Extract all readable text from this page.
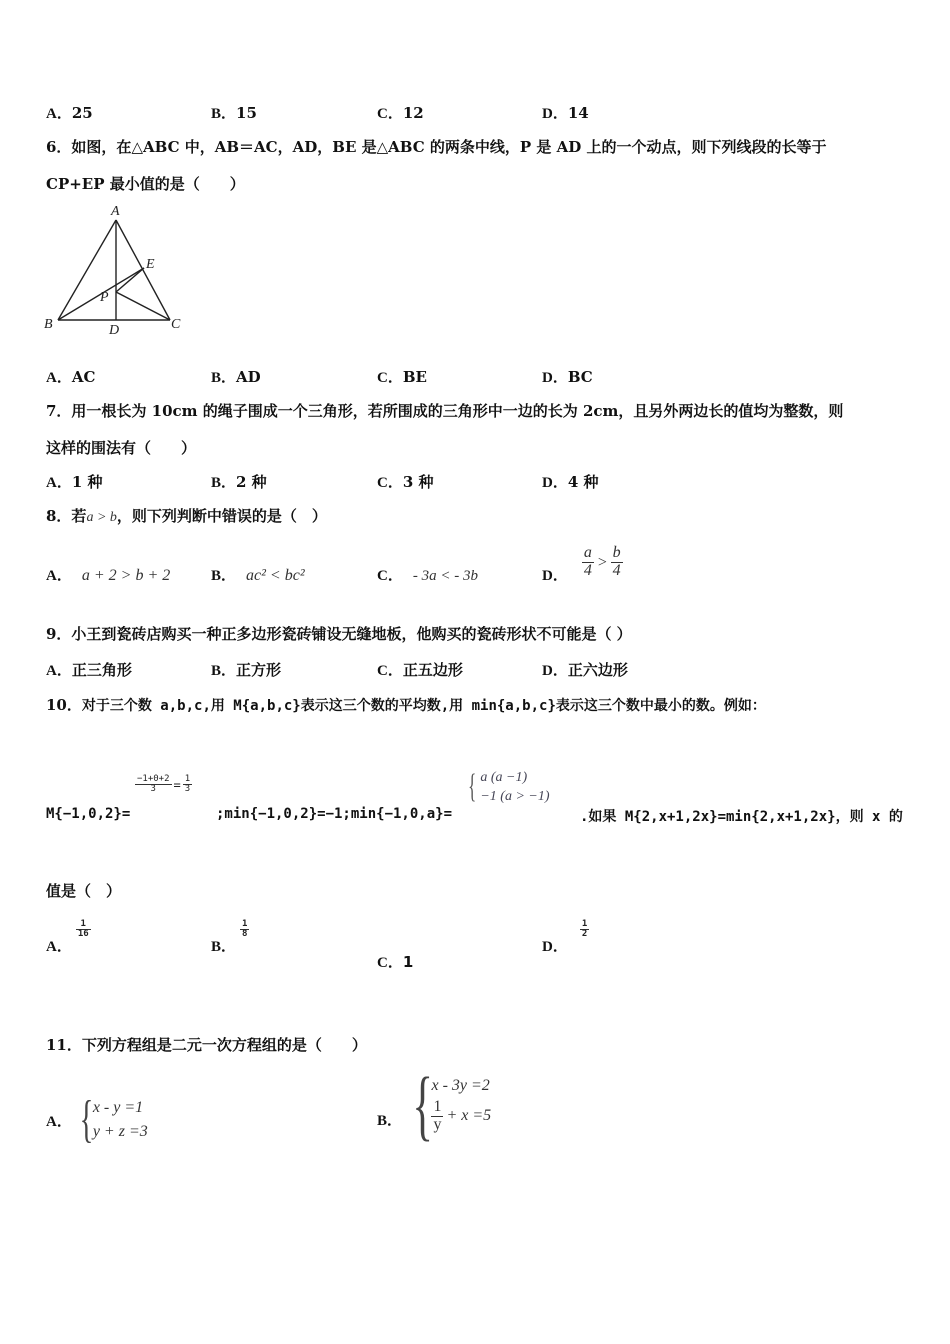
A．25	B．15	C．12	D．14
6．如图，在△ABC 中，AB＝AC，AD，BE 是△ABC 的两条中线，P 是 AD 上的一个动点，则下列线段的长等于
CP+EP 最小值的是（　　）
A
B	C
D
E
P
A．AC	B．AD	C．BE	D．BC
7．用一根长为 10cm 的绳子围成一个三角形，若所围成的三角形中一边的长为 2cm，且另外两边长的值均为整数，则
这样的围法有（　　）
A．1 种	B．2 种	C．3 种	D．4 种
8．若a > b，则下列判断中错误的是（　）
A． a + 2 > b + 2	B． ac² < bc²	C． - 3a < - 3b	D． $\frac{a}{4} > \frac{b}{4}$
9．小王到瓷砖店购买一种正多边形瓷砖铺设无缝地板，他购买的瓷砖形状不可能是（ ）
A．正三角形	B．正方形	C．正五边形	D．正六边形
10．对于三个数 a,b,c,用 M{a,b,c}表示这三个数的平均数,用 min{a,b,c}表示这三个数中最小的数。例如：
M{−1,0,2}=
$\frac{-1+0+2}{3} = \frac{1}{3}$
;min{−1,0,2}=−1;min{−1,0,a}=
{ a (a −1)
−1 (a > −1)
.如果 M{2,x+1,2x}=min{2,x+1,2x}，则 x 的
值是（　）
A．
$\frac{1}{16}$
B．
$\frac{1}{8}$
C．1
D．
$\frac{1}{2}$
11．下列方程组是二元一次方程组的是（　　）
A． { x - y =1
y + z =3
B． {
x - 3y =2
$\frac{1}{y} + x =5$
